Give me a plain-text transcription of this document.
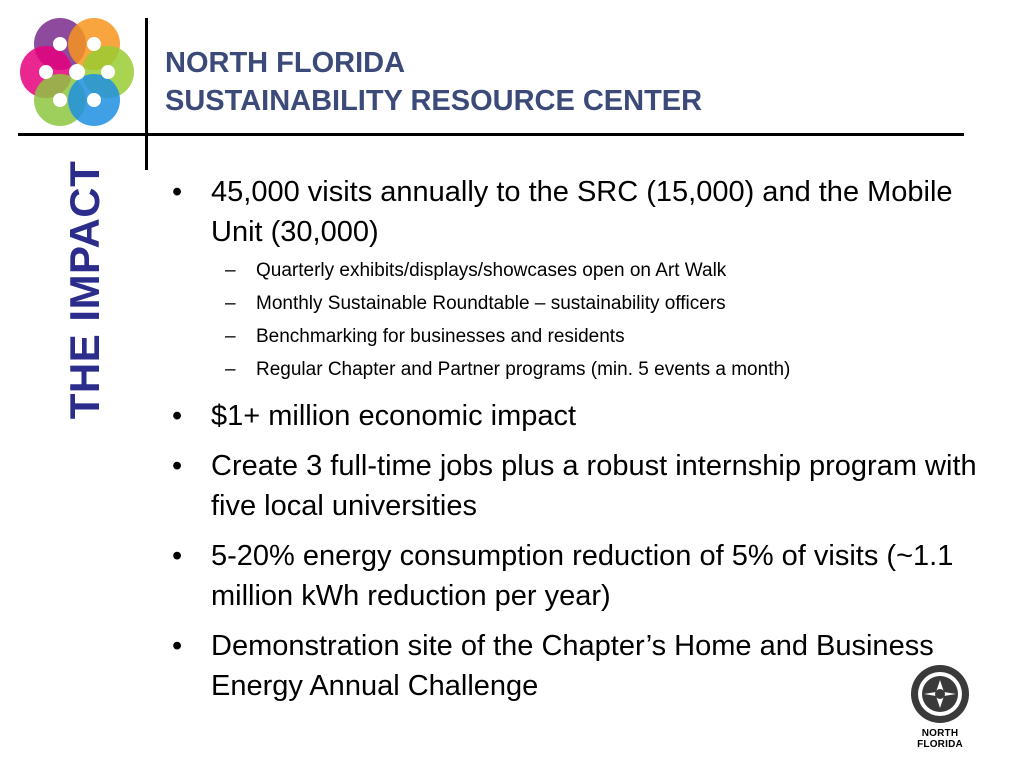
NORTH FLORIDA
SUSTAINABILITY RESOURCE CENTER
THE IMPACT • 45,000 visits annually to the SRC (15,000) and the Mobile Unit (30,000)
– Quarterly exhibits/displays/showcases open on Art Walk
– Monthly Sustainable Roundtable – sustainability officers
– Benchmarking for businesses and residents
– Regular Chapter and Partner programs (min. 5 events a month)
• $1+ million economic impact
• Create 3 full-time jobs plus a robust internship program with five local universities
• 5-20% energy consumption reduction of 5% of visits (~1.1 million kWh reduction per year)
• Demonstration site of the Chapter’s Home and Business Energy Annual Challenge
NORTH FLORIDA
